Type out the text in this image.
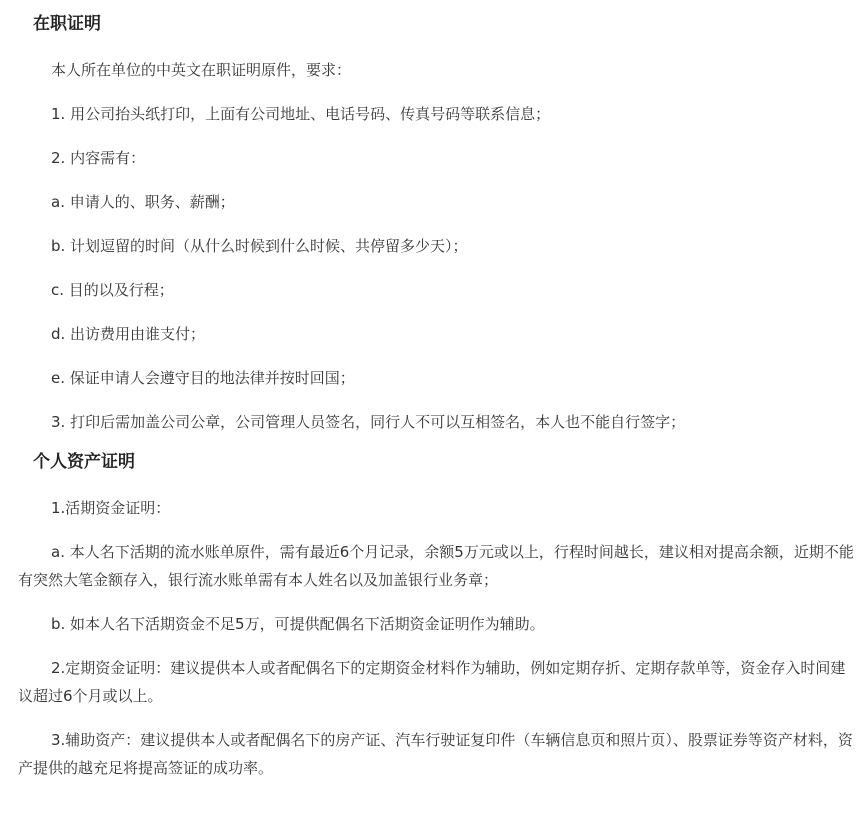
在职证明

本人所在单位的中英文在职证明原件，要求：

1. 用公司抬头纸打印，上面有公司地址、电话号码、传真号码等联系信息；

2. 内容需有：

a. 申请人的、职务、薪酬；

b. 计划逗留的时间（从什么时候到什么时候、共停留多少天）；

c. 目的以及行程；

d. 出访费用由谁支付；

e. 保证申请人会遵守目的地法律并按时回国；

3. 打印后需加盖公司公章，公司管理人员签名，同行人不可以互相签名，本人也不能自行签字；

个人资产证明

1.活期资金证明：

a. 本人名下活期的流水账单原件，需有最近6个月记录，余额5万元或以上，行程时间越长，建议相对提高余额，近期不能有突然大笔金额存入，银行流水账单需有本人姓名以及加盖银行业务章；

b. 如本人名下活期资金不足5万，可提供配偶名下活期资金证明作为辅助。

2.定期资金证明：建议提供本人或者配偶名下的定期资金材料作为辅助，例如定期存折、定期存款单等，资金存入时间建议超过6个月或以上。

3.辅助资产：建议提供本人或者配偶名下的房产证、汽车行驶证复印件（车辆信息页和照片页）、股票证券等资产材料，资产提供的越充足将提高签证的成功率。
